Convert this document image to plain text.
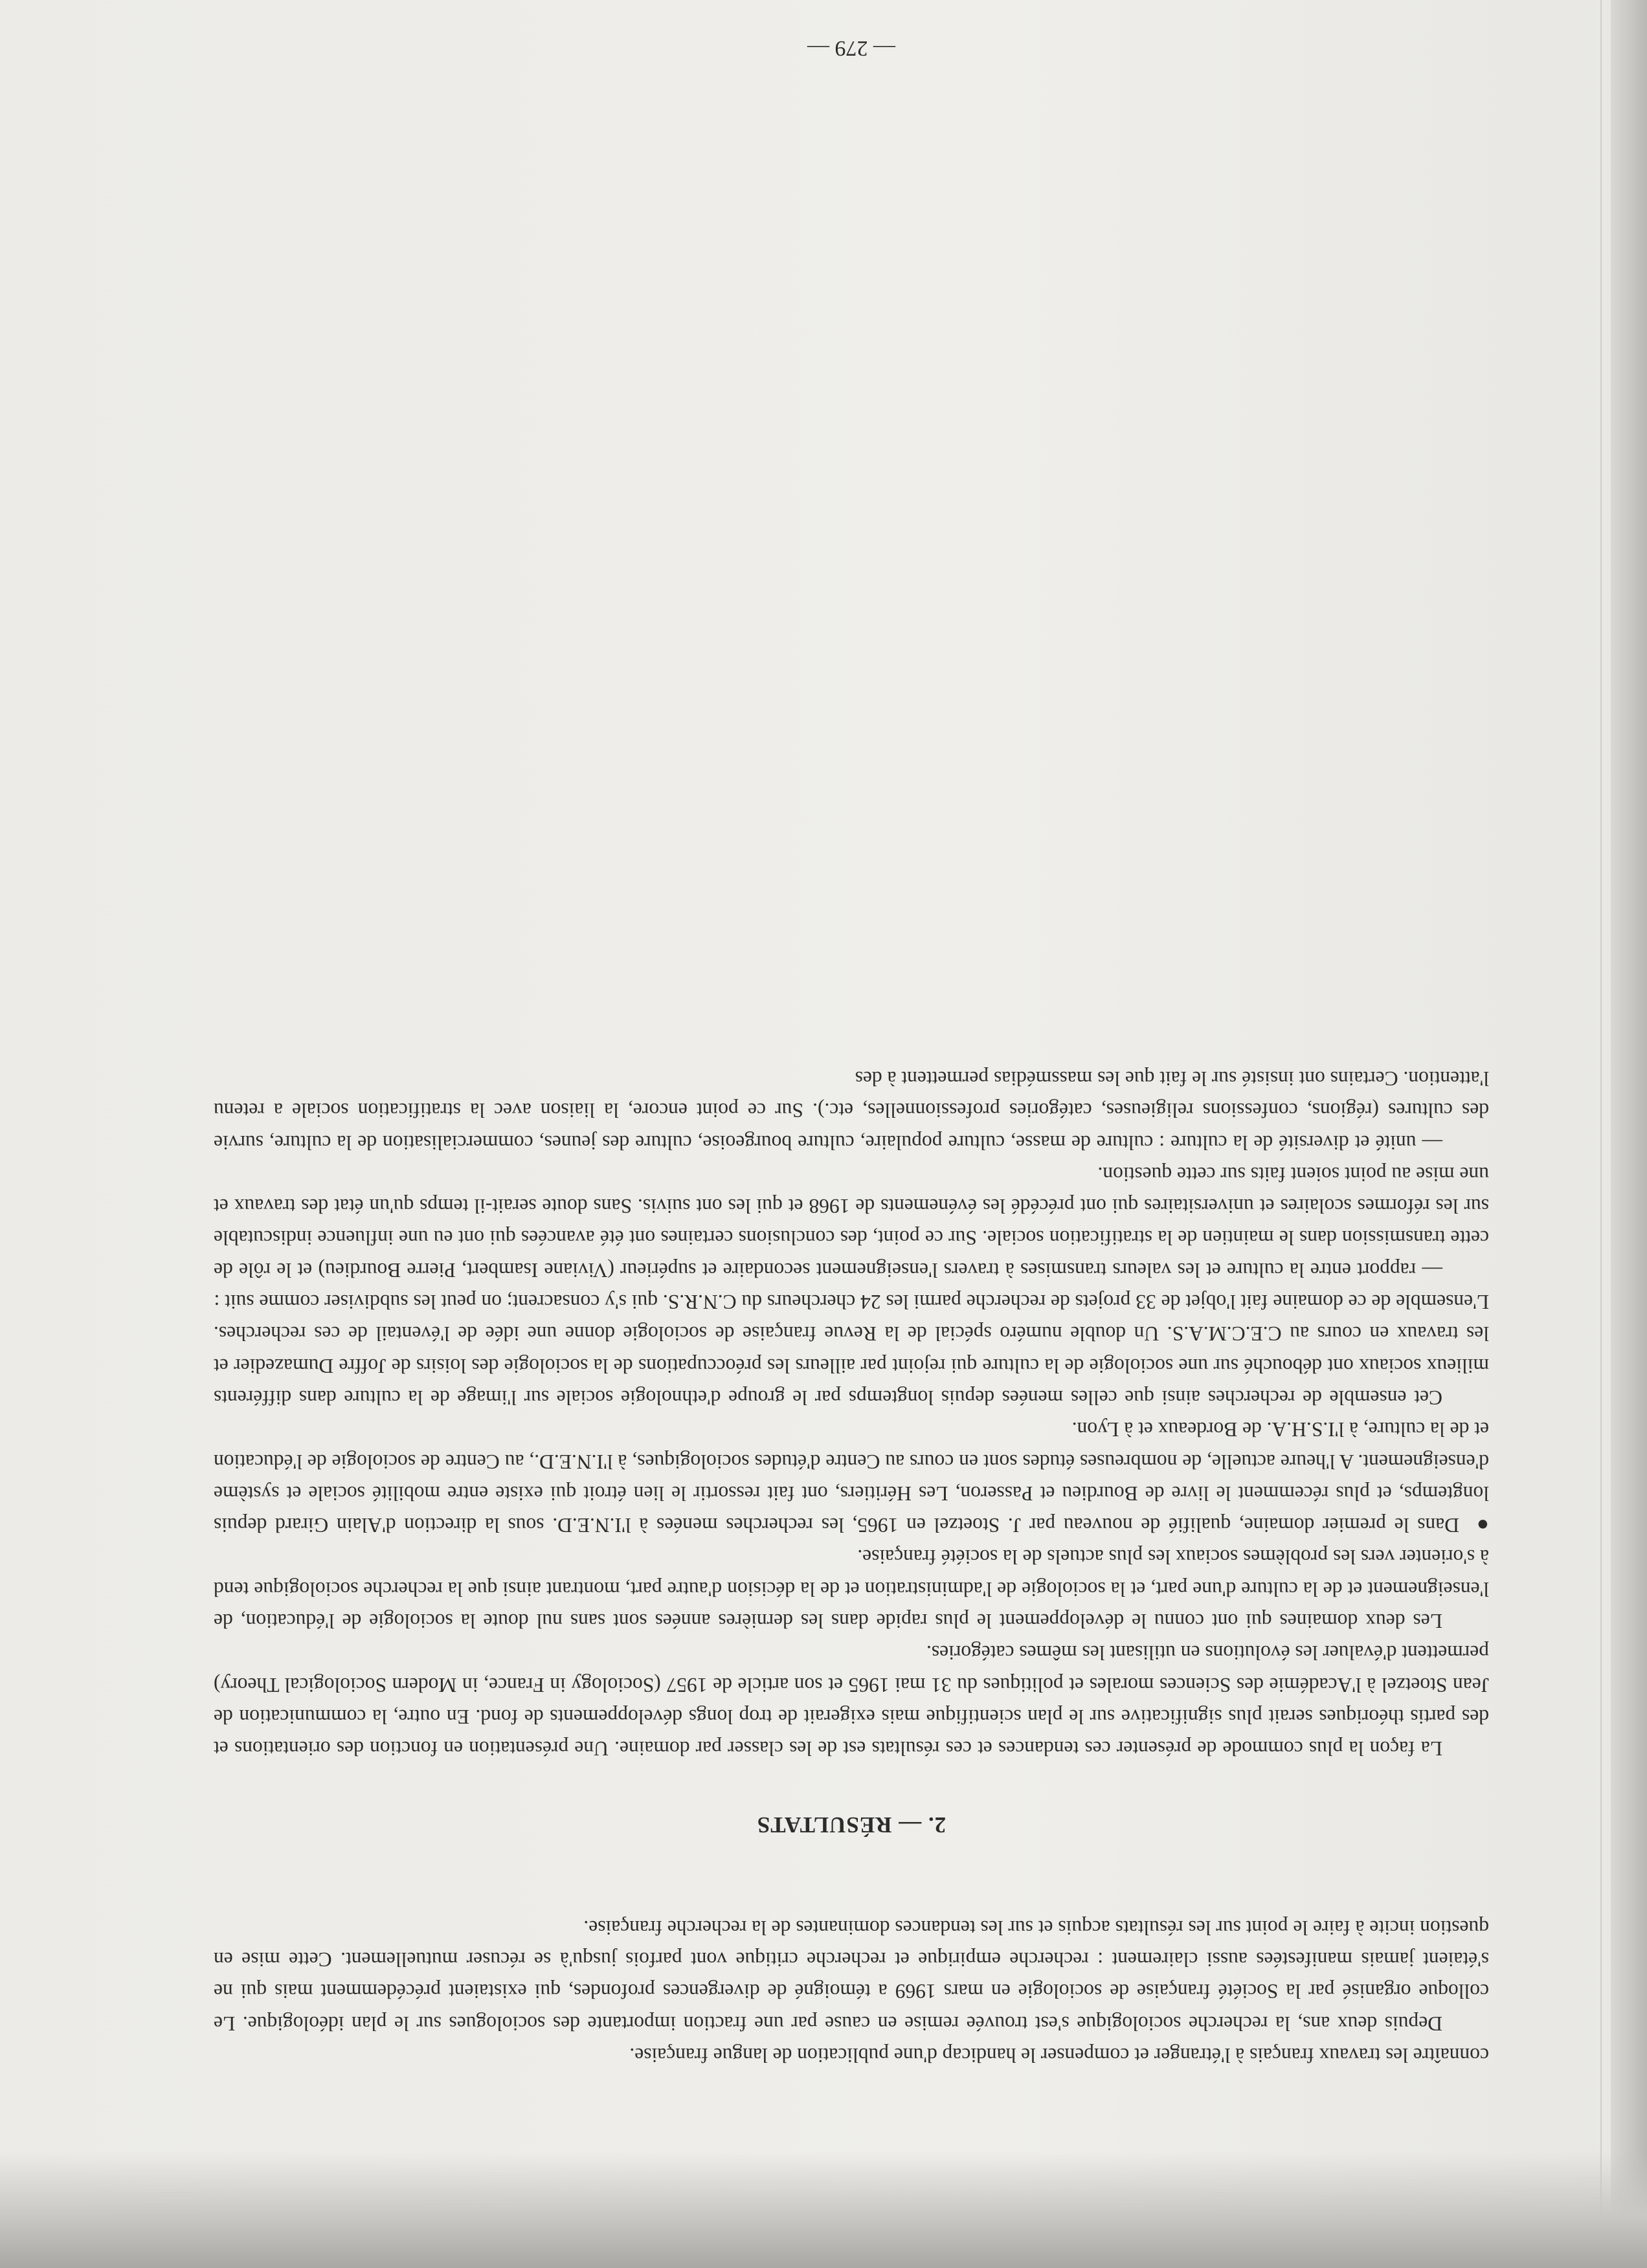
connaître les travaux français à l'étranger et compenser le handicap d'une publication de langue française.

Depuis deux ans, la recherche sociologique s'est trouvée remise en cause par une fraction importante des sociologues sur le plan idéologique. Le colloque organisé par la Société française de sociologie en mars 1969 a témoigné de divergences profondes, qui existaient précédemment mais qui ne s'étaient jamais manifestées aussi clairement : recherche empirique et recherche critique vont parfois jusqu'à se récuser mutuellement. Cette mise en question incite à faire le point sur les résultats acquis et sur les tendances dominantes de la recherche française.

2. — RÉSULTATS

La façon la plus commode de présenter ces tendances et ces résultats est de les classer par domaine. Une présentation en fonction des orientations et des partis théoriques serait plus significative sur le plan scientifique mais exigerait de trop longs développements de fond. En outre, la communication de Jean Stoetzel à l'Académie des Sciences morales et politiques du 31 mai 1965 et son article de 1957 (Sociology in France, in Modern Sociological Theory) permettent d'évaluer les évolutions en utilisant les mêmes catégories.

Les deux domaines qui ont connu le développement le plus rapide dans les dernières années sont sans nul doute la sociologie de l'éducation, de l'enseignement et de la culture d'une part, et la sociologie de l'administration et de la décision d'autre part, montrant ainsi que la recherche sociologique tend à s'orienter vers les problèmes sociaux les plus actuels de la société française.

●Dans le premier domaine, qualifié de nouveau par J. Stoetzel en 1965, les recherches menées à l'I.N.E.D. sous la direction d'Alain Girard depuis longtemps, et plus récemment le livre de Bourdieu et Passeron, Les Héritiers, ont fait ressortir le lien étroit qui existe entre mobilité sociale et système d'enseignement. A l'heure actuelle, de nombreuses études sont en cours au Centre d'études sociologiques, à l'I.N.E.D., au Centre de sociologie de l'éducation et de la culture, à l'I.S.H.A. de Bordeaux et à Lyon.

Cet ensemble de recherches ainsi que celles menées depuis longtemps par le groupe d'ethnologie sociale sur l'image de la culture dans différents milieux sociaux ont débouché sur une sociologie de la culture qui rejoint par ailleurs les préoccupations de la sociologie des loisirs de Joffre Dumazedier et les travaux en cours au C.E.C.M.A.S. Un double numéro spécial de la Revue française de sociologie donne une idée de l'éventail de ces recherches. L'ensemble de ce domaine fait l'objet de 33 projets de recherche parmi les 24 chercheurs du C.N.R.S. qui s'y consacrent; on peut les subdiviser comme suit :

— rapport entre la culture et les valeurs transmises à travers l'enseignement secondaire et supérieur (Viviane Isambert, Pierre Bourdieu) et le rôle de cette transmission dans le maintien de la stratification sociale. Sur ce point, des conclusions certaines ont été avancées qui ont eu une influence indiscutable sur les réformes scolaires et universitaires qui ont précédé les événements de 1968 et qui les ont suivis. Sans doute serait-il temps qu'un état des travaux et une mise au point soient faits sur cette question.

— unité et diversité de la culture : culture de masse, culture populaire, culture bourgeoise, culture des jeunes, commercialisation de la culture, survie des cultures (régions, confessions religieuses, catégories professionnelles, etc.). Sur ce point encore, la liaison avec la stratification sociale a retenu l'attention. Certains ont insisté sur le fait que les massmédias permettent à des

— 279 —
